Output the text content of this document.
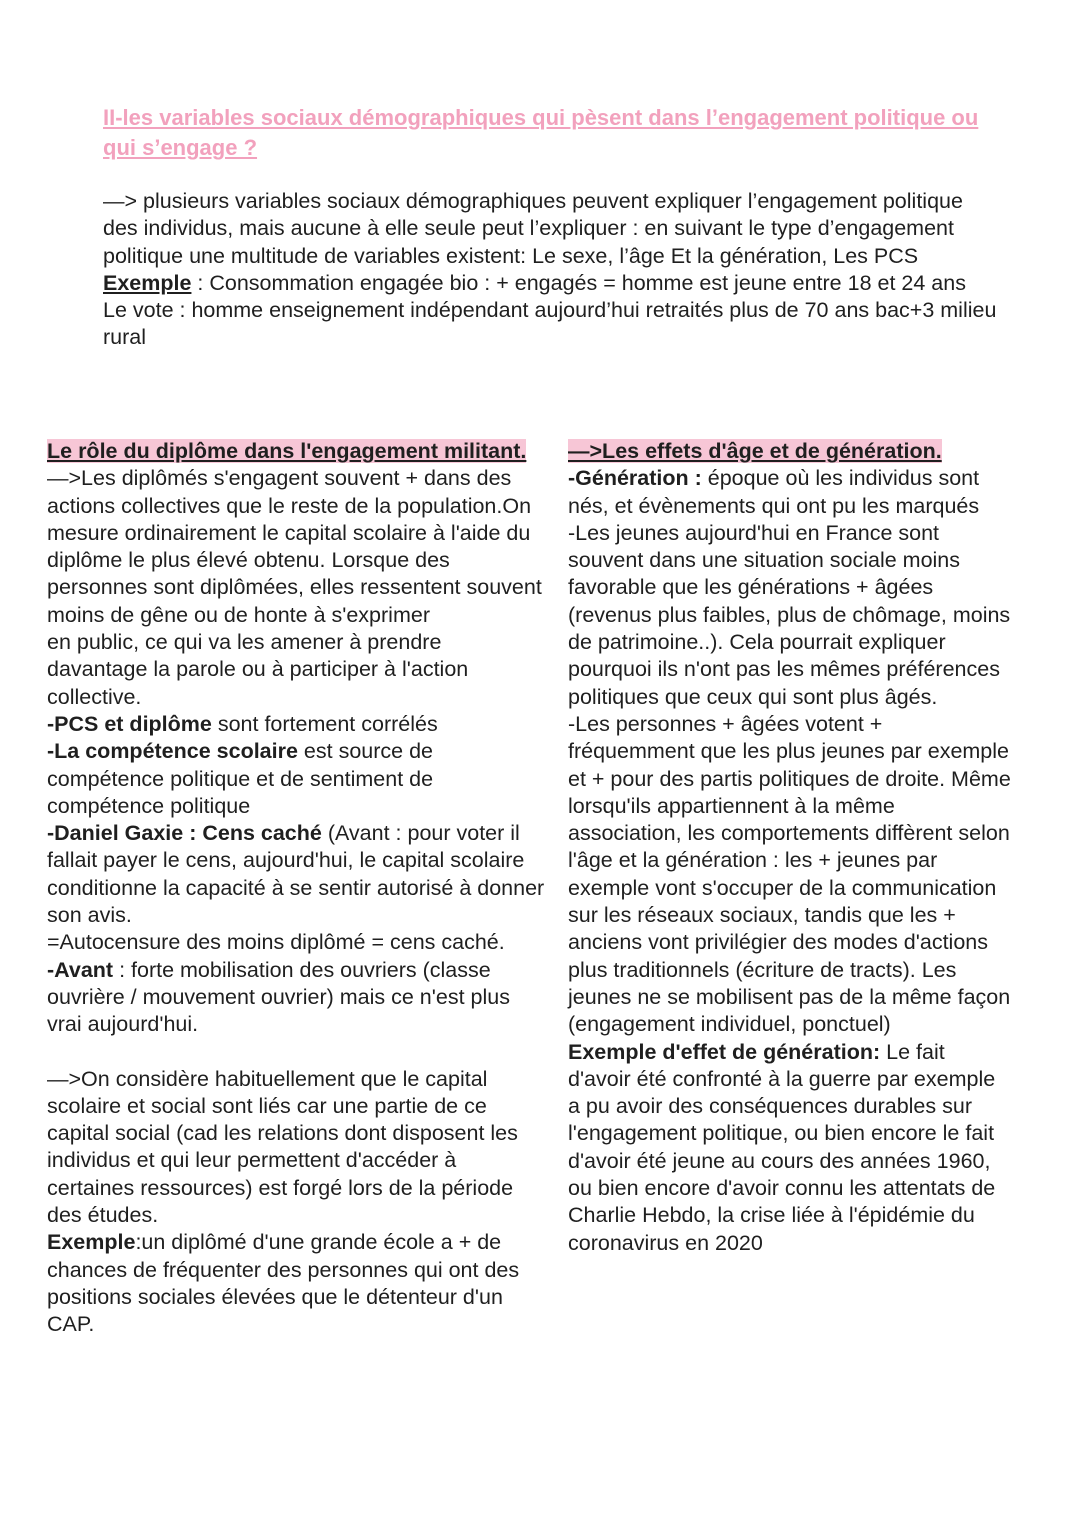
II-les variables sociaux démographiques qui pèsent dans l’engagement politique ou qui s’engage ?

—> plusieurs variables sociaux démographiques peuvent expliquer l’engagement politique des individus, mais aucune à elle seule peut l’expliquer : en suivant le type d’engagement politique une multitude de variables existent: Le sexe, l’âge Et la génération, Les PCS

Exemple : Consommation engagée bio : + engagés = homme est jeune entre 18 et 24 ans

Le vote : homme enseignement indépendant aujourd’hui retraités plus de 70 ans bac+3 milieu rural

Le rôle du diplôme dans l'engagement militant.

—>Les diplômés s'engagent souvent + dans des actions collectives que le reste de la population.On mesure ordinairement le capital scolaire à l'aide du diplôme le plus élevé obtenu. Lorsque des personnes sont diplômées, elles ressentent souvent moins de gêne ou de honte à s'exprimer

en public, ce qui va les amener à prendre davantage la parole ou à participer à l'action collective.

-PCS et diplôme sont fortement corrélés

-La compétence scolaire est source de compétence politique et de sentiment de compétence politique

-Daniel Gaxie : Cens caché (Avant : pour voter il fallait payer le cens, aujourd'hui, le capital scolaire conditionne la capacité à se sentir autorisé à donner son avis.

=Autocensure des moins diplômé = cens caché.

-Avant : forte mobilisation des ouvriers (classe ouvrière / mouvement ouvrier) mais ce n'est plus vrai aujourd'hui.

—>On considère habituellement que le capital scolaire et social sont liés car une partie de ce capital social (cad les relations dont disposent les individus et qui leur permettent d'accéder à certaines ressources) est forgé lors de la période des études.

Exemple:un diplômé d'une grande école a + de chances de fréquenter des personnes qui ont des positions sociales élevées que le détenteur d'un CAP.

—>Les effets d'âge et de génération.

-Génération : époque où les individus sont nés, et évènements qui ont pu les marqués

-Les jeunes aujourd'hui en France sont souvent dans une situation sociale moins favorable que les générations + âgées (revenus plus faibles, plus de chômage, moins de patrimoine..). Cela pourrait expliquer pourquoi ils n'ont pas les mêmes préférences politiques que ceux qui sont plus âgés.

-Les personnes + âgées votent + fréquemment que les plus jeunes par exemple et + pour des partis politiques de droite. Même lorsqu'ils appartiennent à la même association, les comportements diffèrent selon l'âge et la génération : les + jeunes par exemple vont s'occuper de la communication sur les réseaux sociaux, tandis que les + anciens vont privilégier des modes d'actions plus traditionnels (écriture de tracts). Les jeunes ne se mobilisent pas de la même façon (engagement individuel, ponctuel)

Exemple d'effet de génération: Le fait d'avoir été confronté à la guerre par exemple a pu avoir des conséquences durables sur l'engagement politique, ou bien encore le fait d'avoir été jeune au cours des années 1960, ou bien encore d'avoir connu les attentats de Charlie Hebdo, la crise liée à l'épidémie du coronavirus en 2020
